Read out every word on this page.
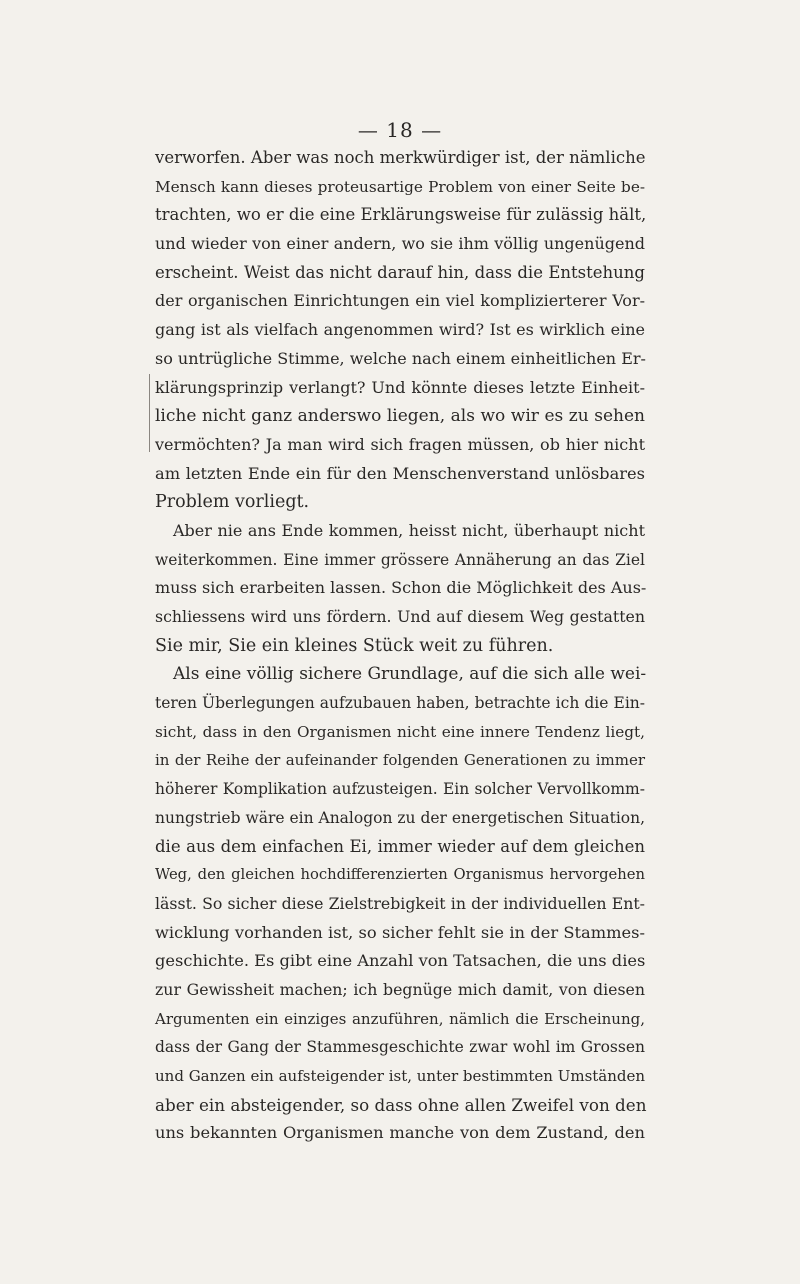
— 18 —
verworfen. Aber was noch merkwürdiger ist, der nämliche
Mensch kann dieses proteusartige Problem von einer Seite be-
trachten, wo er die eine Erklärungsweise für zulässig hält,
und wieder von einer andern, wo sie ihm völlig ungenügend
erscheint. Weist das nicht darauf hin, dass die Entstehung
der organischen Einrichtungen ein viel komplizierterer Vor-
gang ist als vielfach angenommen wird? Ist es wirklich eine
so untrügliche Stimme, welche nach einem einheitlichen Er-
klärungsprinzip verlangt? Und könnte dieses letzte Einheit-
liche nicht ganz anderswo liegen, als wo wir es zu sehen
vermöchten? Ja man wird sich fragen müssen, ob hier nicht
am letzten Ende ein für den Menschenverstand unlösbares
Problem vorliegt.
Aber nie ans Ende kommen, heisst nicht, überhaupt nicht
weiterkommen. Eine immer grössere Annäherung an das Ziel
muss sich erarbeiten lassen. Schon die Möglichkeit des Aus-
schliessens wird uns fördern. Und auf diesem Weg gestatten
Sie mir, Sie ein kleines Stück weit zu führen.
Als eine völlig sichere Grundlage, auf die sich alle wei-
teren Überlegungen aufzubauen haben, betrachte ich die Ein-
sicht, dass in den Organismen nicht eine innere Tendenz liegt,
in der Reihe der aufeinander folgenden Generationen zu immer
höherer Komplikation aufzusteigen. Ein solcher Vervollkomm-
nungstrieb wäre ein Analogon zu der energetischen Situation,
die aus dem einfachen Ei, immer wieder auf dem gleichen
Weg, den gleichen hochdifferenzierten Organismus hervorgehen
lässt. So sicher diese Zielstrebigkeit in der individuellen Ent-
wicklung vorhanden ist, so sicher fehlt sie in der Stammes-
geschichte. Es gibt eine Anzahl von Tatsachen, die uns dies
zur Gewissheit machen; ich begnüge mich damit, von diesen
Argumenten ein einziges anzuführen, nämlich die Erscheinung,
dass der Gang der Stammesgeschichte zwar wohl im Grossen
und Ganzen ein aufsteigender ist, unter bestimmten Umständen
aber ein absteigender, so dass ohne allen Zweifel von den
uns bekannten Organismen manche von dem Zustand, den
